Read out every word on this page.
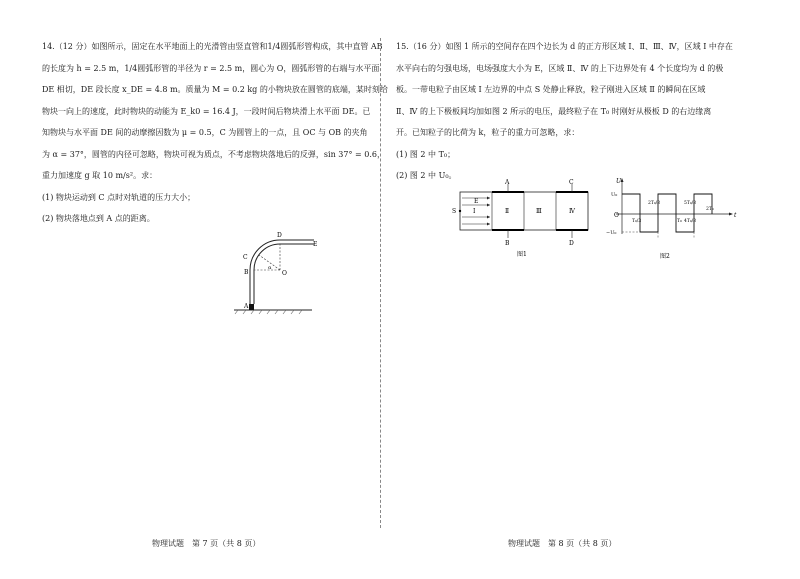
14.（12 分）如图所示，固定在水平地面上的光滑管由竖直管和1/4圆弧形管构成，其中直管 AB
的长度为 h = 2.5 m，1/4圆弧形管的半径为 r = 2.5 m，圆心为 O，圆弧形管的右端与水平面
DE 相切，DE 段长度 x_DE = 4.8 m。质量为 M = 0.2 kg 的小物块放在圆管的底端，某时刻给
物块一向上的速度，此时物块的动能为 E_k0 = 16.4 J，一段时间后物块滑上水平面 DE。已
知物块与水平面 DE 间的动摩擦因数为 μ = 0.5，C 为圆管上的一点，且 OC 与 OB 的夹角
为 α = 37°，圆管的内径可忽略，物块可视为质点，不考虑物块落地后的反弹，sin 37° = 0.6，
重力加速度 g 取 10 m/s²。求：
(1) 物块运动到 C 点时对轨道的压力大小；
(2) 物块落地点到 A 点的距离。
D
E
C
B	O
A
α
物理试题　第 7 页（共 8 页）
15.（16 分）如图 1 所示的空间存在四个边长为 d 的正方形区域 Ⅰ、Ⅱ、Ⅲ、Ⅳ，区域 Ⅰ 中存在
水平向右的匀强电场，电场强度大小为 E，区域 Ⅱ、Ⅳ 的上下边界处有 4 个长度均为 d 的极
板。一带电粒子由区域 Ⅰ 左边界的中点 S 处静止释放，粒子刚进入区域 Ⅱ 的瞬间在区域
Ⅱ、Ⅳ 的上下极板间均加如图 2 所示的电压，最终粒子在 T₀ 时刚好从极板 D 的右边缘离
开。已知粒子的比荷为 k，粒子的重力可忽略，求：
(1) 图 2 中 T₀；
(2) 图 2 中 U₀。
A
B
C
D
E
S	Ⅰ	Ⅱ	Ⅲ	Ⅳ
图1
U
t
O
U₀
−U₀
T₀/3
2T₀/3
T₀ 4T₀/3
5T₀/3
2T₀
图2
物理试题　第 8 页（共 8 页）
